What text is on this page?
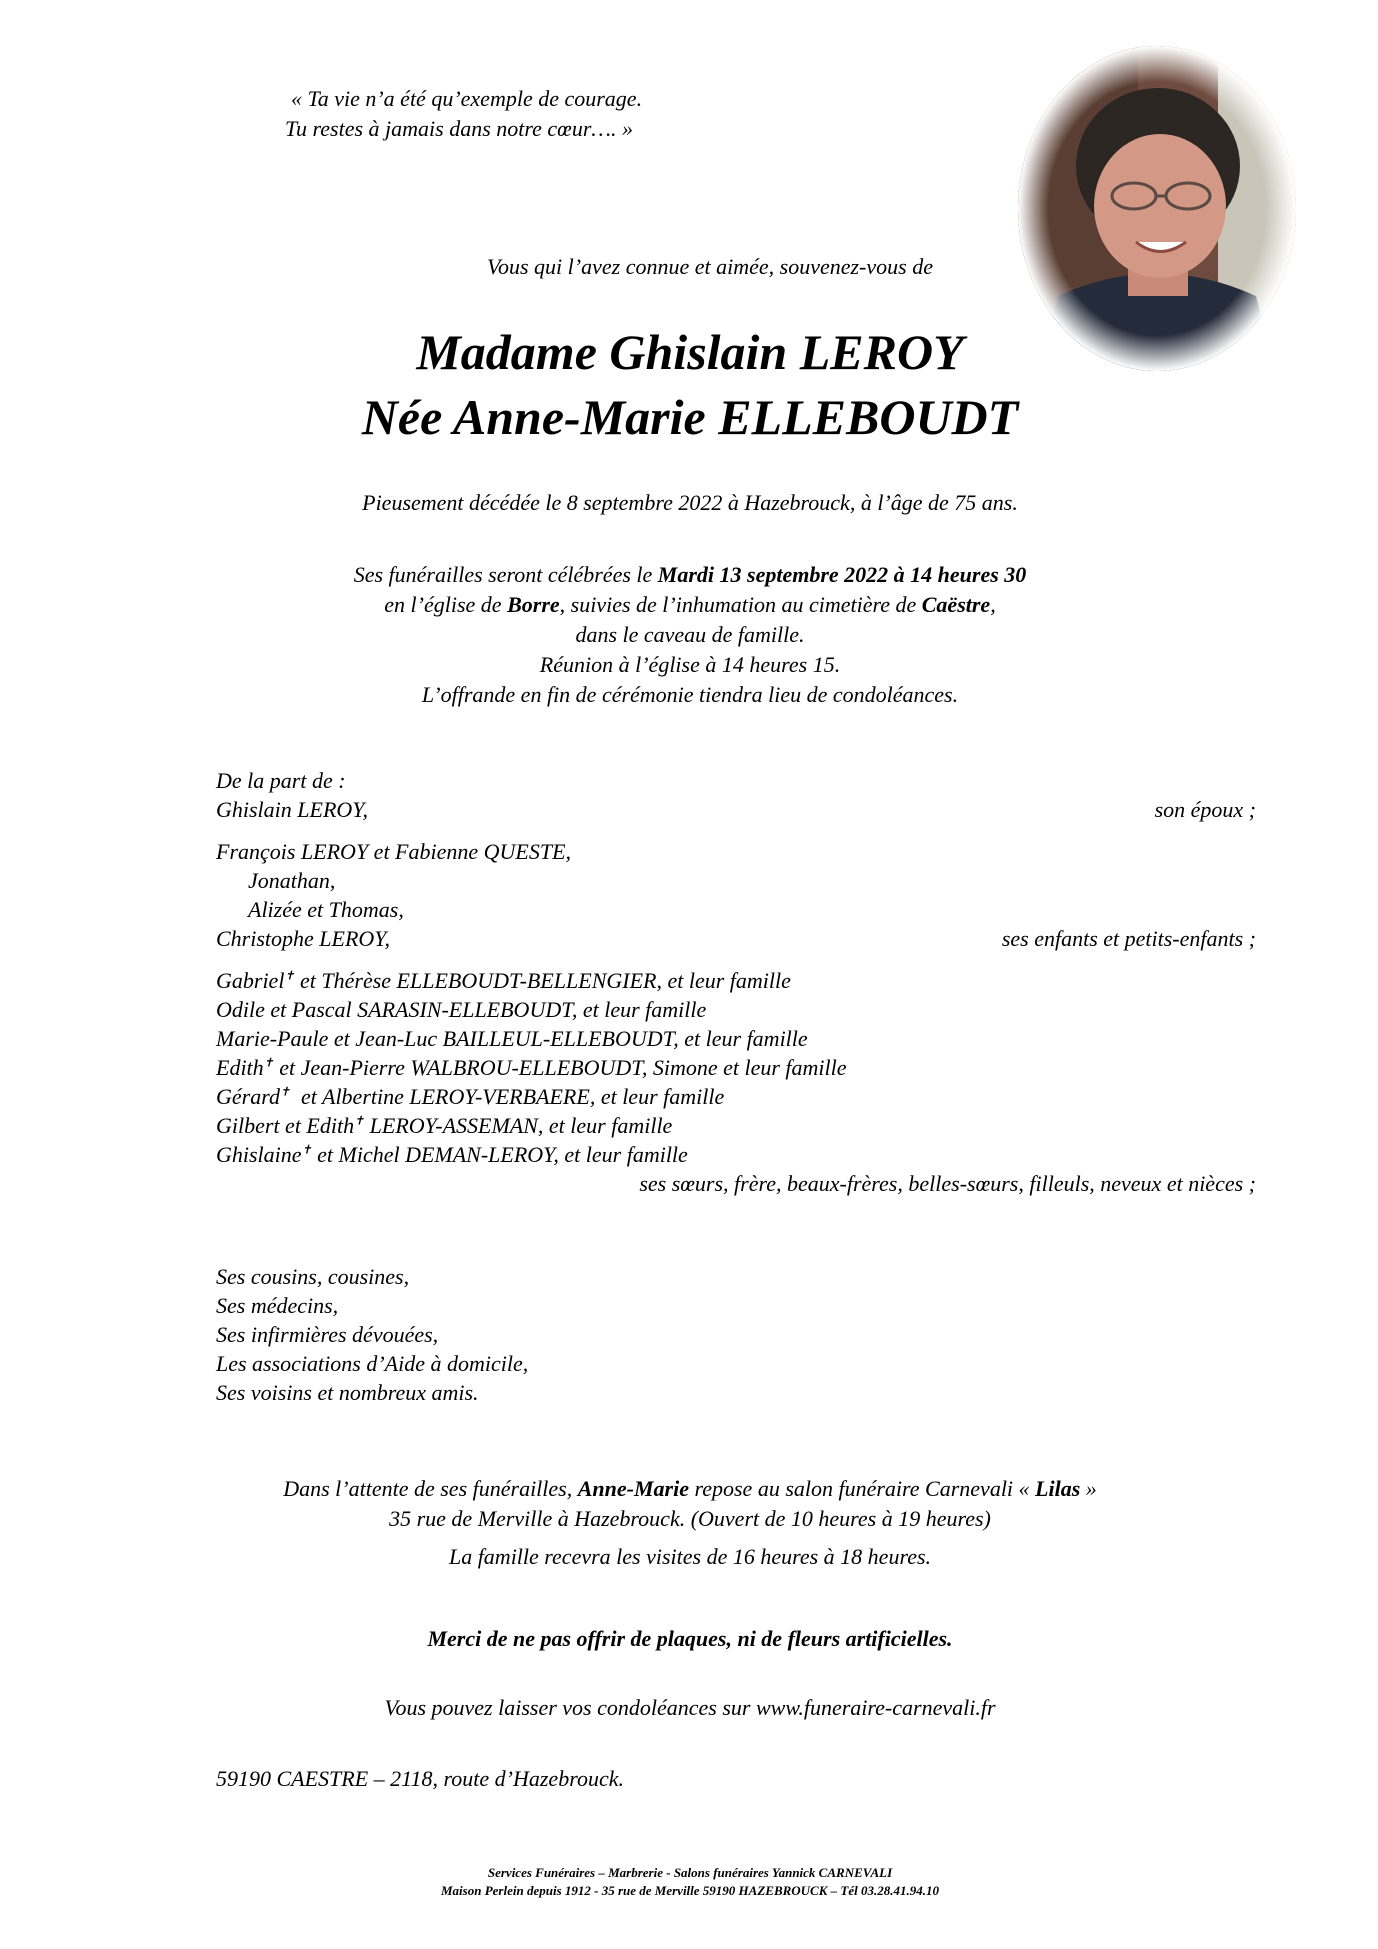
« Ta vie n’a été qu’exemple de courage.
Tu restes à jamais dans notre cœur…. »
Vous qui l’avez connue et aimée, souvenez-vous de
Madame Ghislain LEROY
Née Anne-Marie ELLEBOUDT
Pieusement décédée le 8 septembre 2022 à Hazebrouck, à l’âge de 75 ans.
Ses funérailles seront célébrées le Mardi 13 septembre 2022 à 14 heures 30
en l’église de Borre, suivies de l’inhumation au cimetière de Caëstre,
dans le caveau de famille.
Réunion à l’église à 14 heures 15.
L’offrande en fin de cérémonie tiendra lieu de condoléances.
De la part de :
Ghislain LEROY,	son époux ;
François LEROY et Fabienne QUESTE,
Jonathan,
Alizée et Thomas,
Christophe LEROY,	ses enfants et petits-enfants ;
Gabriel✝ et Thérèse ELLEBOUDT-BELLENGIER, et leur famille
Odile et Pascal SARASIN-ELLEBOUDT, et leur famille
Marie-Paule et Jean-Luc BAILLEUL-ELLEBOUDT, et leur famille
Edith✝ et Jean-Pierre WALBROU-ELLEBOUDT, Simone et leur famille
Gérard✝  et Albertine LEROY-VERBAERE, et leur famille
Gilbert et Edith✝ LEROY-ASSEMAN, et leur famille
Ghislaine✝ et Michel DEMAN-LEROY, et leur famille
ses sœurs, frère, beaux-frères, belles-sœurs, filleuls, neveux et nièces ;
Ses cousins, cousines,
Ses médecins,
Ses infirmières dévouées,
Les associations d’Aide à domicile,
Ses voisins et nombreux amis.
Dans l’attente de ses funérailles, Anne-Marie repose au salon funéraire Carnevali « Lilas »
35 rue de Merville à Hazebrouck. (Ouvert de 10 heures à 19 heures)
La famille recevra les visites de 16 heures à 18 heures.
Merci de ne pas offrir de plaques, ni de fleurs artificielles.
Vous pouvez laisser vos condoléances sur www.funeraire-carnevali.fr
59190 CAESTRE – 2118, route d’Hazebrouck.
Services Funéraires – Marbrerie - Salons funéraires Yannick CARNEVALI
Maison Perlein depuis 1912 - 35 rue de Merville 59190 HAZEBROUCK – Tél 03.28.41.94.10
